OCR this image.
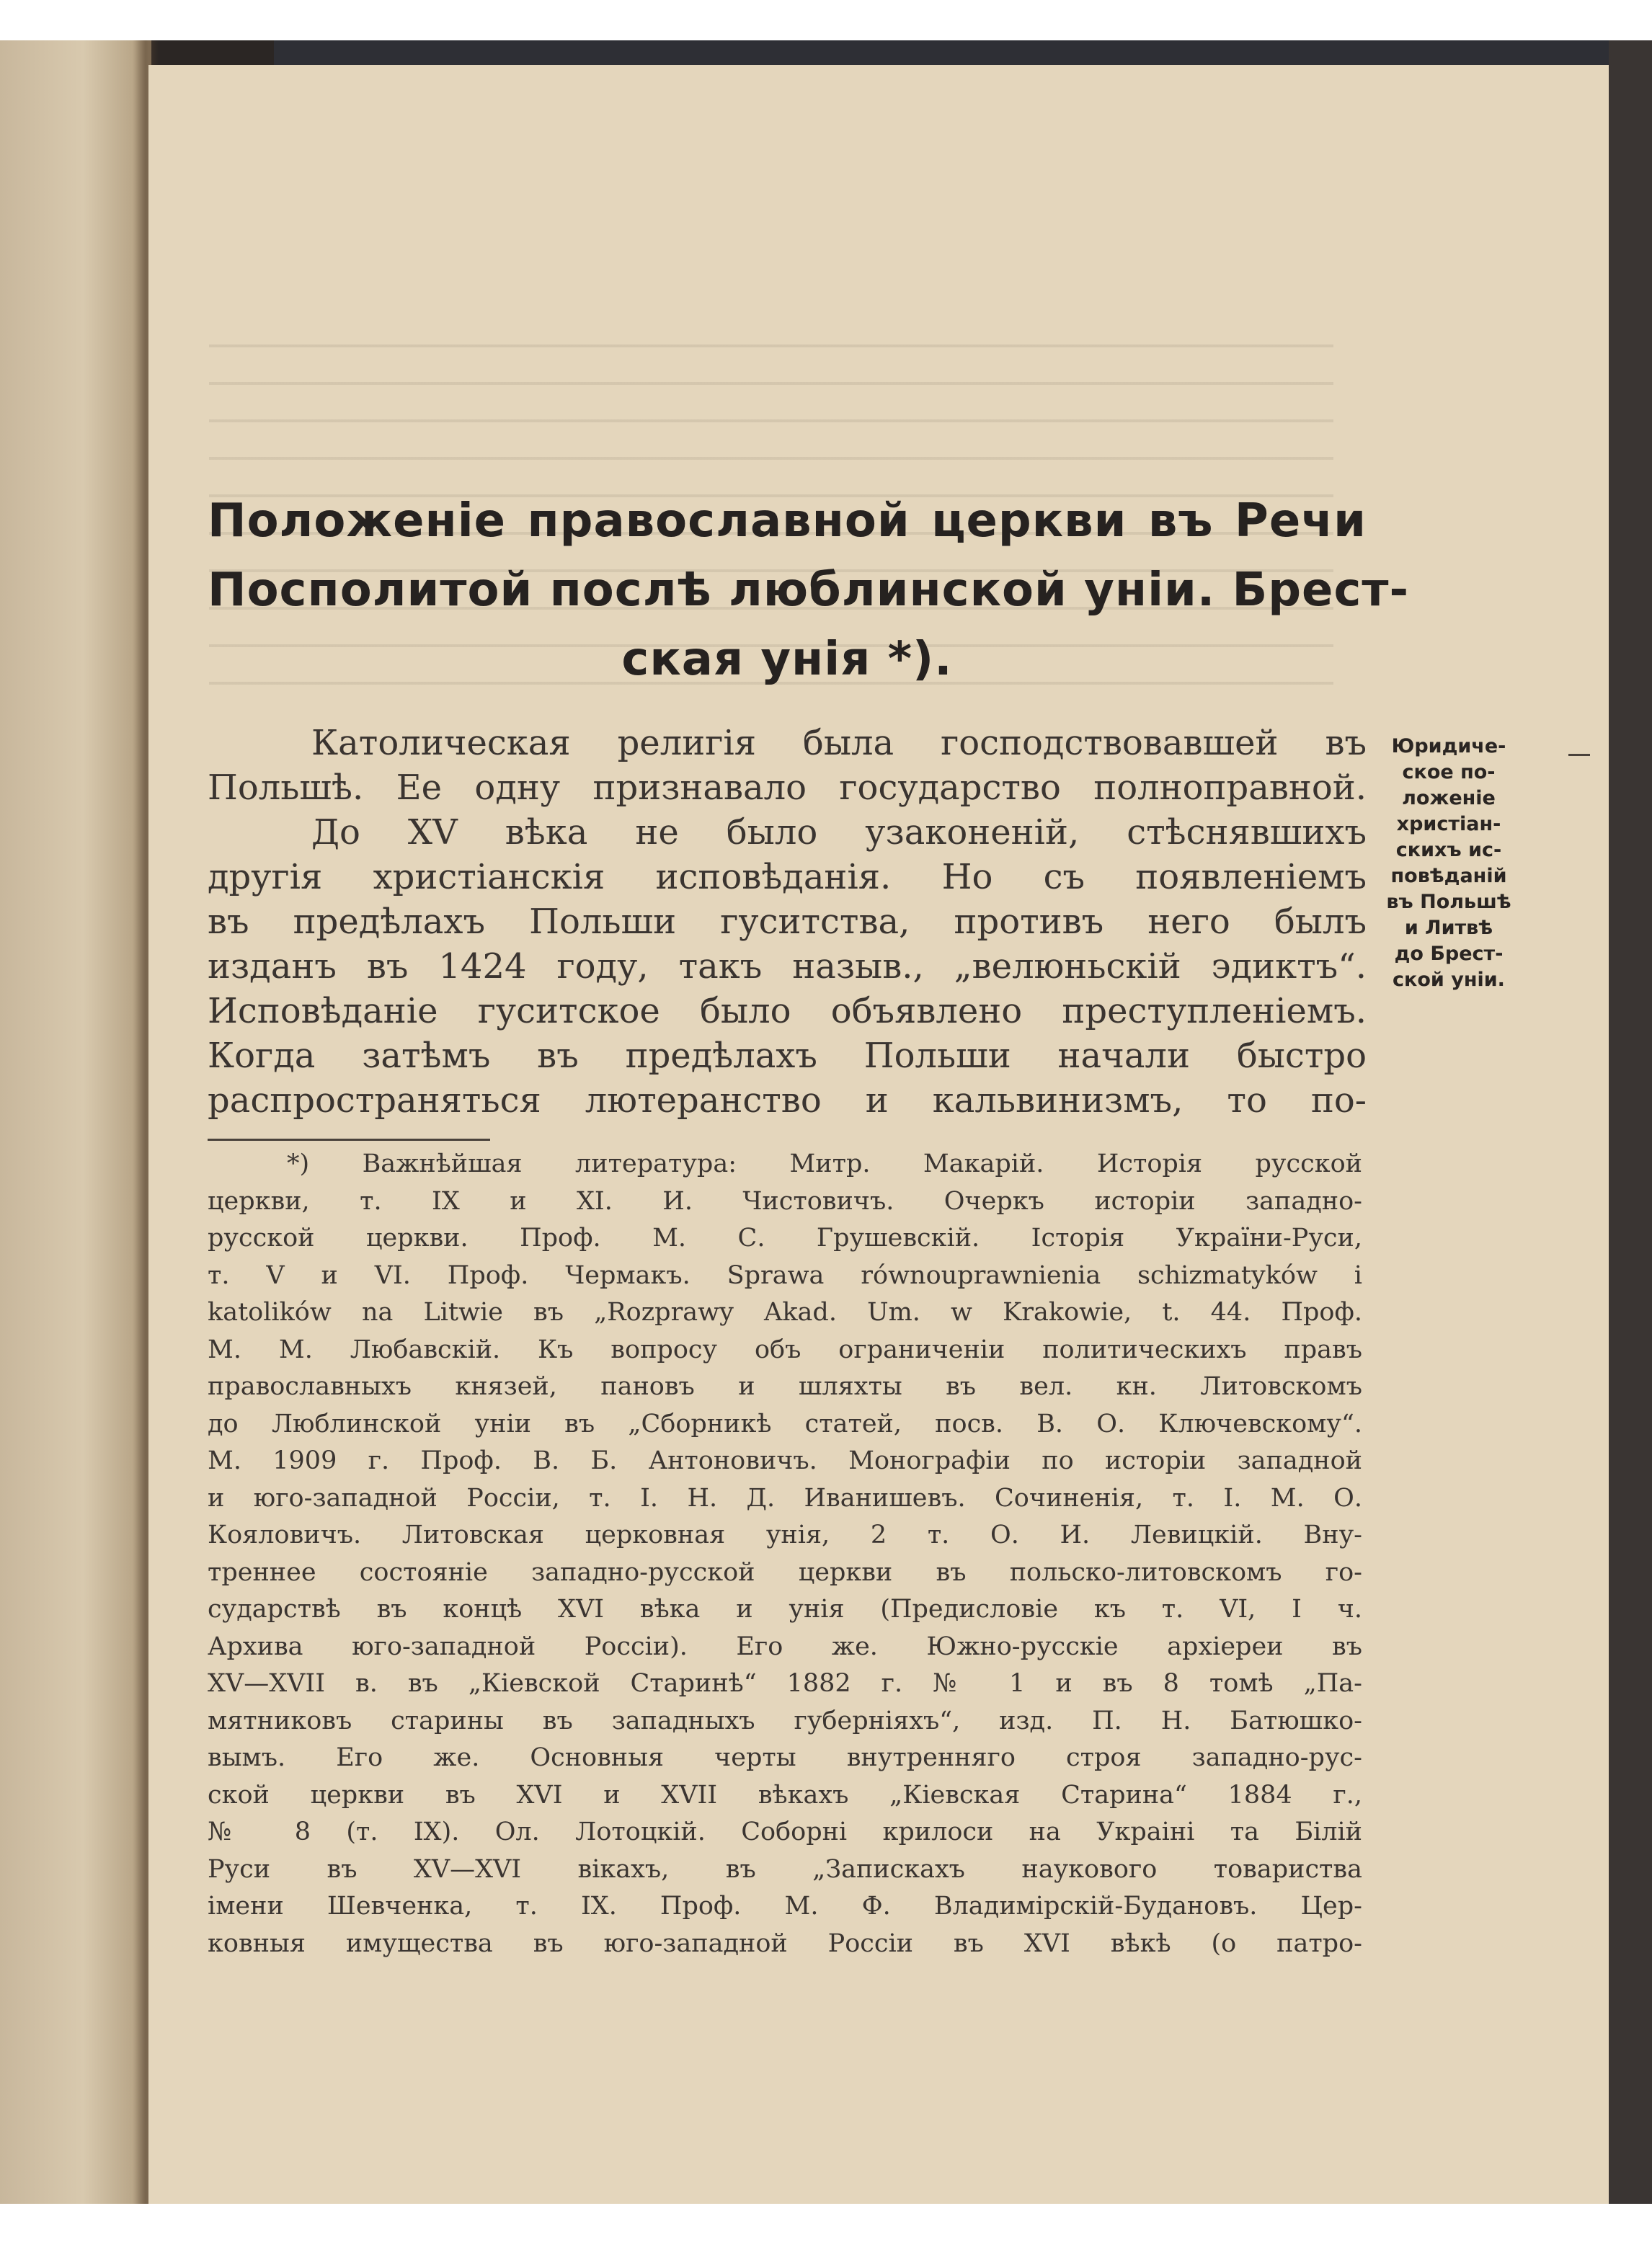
Положеніе православной церкви въ Речи
Посполитой послѣ люблинской уніи. Брест-
ская унія *).
Католическая религія была господствовавшей въ
Польшѣ. Ее одну признавало государство полноправной.
До XV вѣка не было узаконеній, стѣснявшихъ
другія христіанскія исповѣданія. Но съ появленіемъ
въ предѣлахъ Польши гуситства, противъ него былъ
изданъ въ 1424 году, такъ назыв., „велюньскій эдиктъ“.
Исповѣданіе гуситское было объявлено преступленіемъ.
Когда затѣмъ въ предѣлахъ Польши начали быстро
распространяться лютеранство и кальвинизмъ, то по-
Юридиче-
ское по-
ложеніе
христіан-
скихъ ис-
повѣданій
въ Польшѣ
и Литвѣ
до Брест-
ской уніи.
*) Важнѣйшая литература: Митр. Макарій. Исторія русской
церкви, т. IX и XI. И. Чистовичъ. Очеркъ исторіи западно-
русской церкви. Проф. М. С. Грушевскій. Історія України-Руси,
т. V и VI. Проф. Чермакъ. Sprawa równouprawnienia schizmatyków i
katolików na Litwie въ „Rozprawy Akad. Um. w Krakowie, t. 44. Проф.
М. М. Любавскій. Къ вопросу объ ограниченіи политическихъ правъ
православныхъ князей, пановъ и шляхты въ вел. кн. Литовскомъ
до Люблинской уніи въ „Сборникѣ статей, посв. В. О. Ключевскому“.
М. 1909 г. Проф. В. Б. Антоновичъ. Монографіи по исторіи западной
и юго-западной Россіи, т. I. Н. Д. Иванишевъ. Сочиненія, т. I. М. О.
Кояловичъ. Литовская церковная унія, 2 т. О. И. Левицкій. Вну-
треннее состояніе западно-русской церкви въ польско-литовскомъ го-
сударствѣ въ концѣ XVI вѣка и унія (Предисловіе къ т. VI, I ч.
Архива юго-западной Россіи). Его же. Южно-русскіе архіереи въ
XV—XVII в. въ „Кіевской Старинѣ“ 1882 г. № 1 и въ 8 томѣ „Па-
мятниковъ старины въ западныхъ губерніяхъ“, изд. П. Н. Батюшко-
вымъ. Его же. Основныя черты внутренняго строя западно-рус-
ской церкви въ XVI и XVII вѣкахъ „Кіевская Старина“ 1884 г.,
№ 8 (т. IX). Ол. Лотоцкій. Соборні крилоси на Украіні та Білій
Руси въ XV—XVI вікахъ, въ „Запискахъ наукового товариства
імени Шевченка, т. IX. Проф. М. Ф. Владимірскій-Будановъ. Цер-
ковныя имущества въ юго-западной Россіи въ XVI вѣкѣ (о патро-
